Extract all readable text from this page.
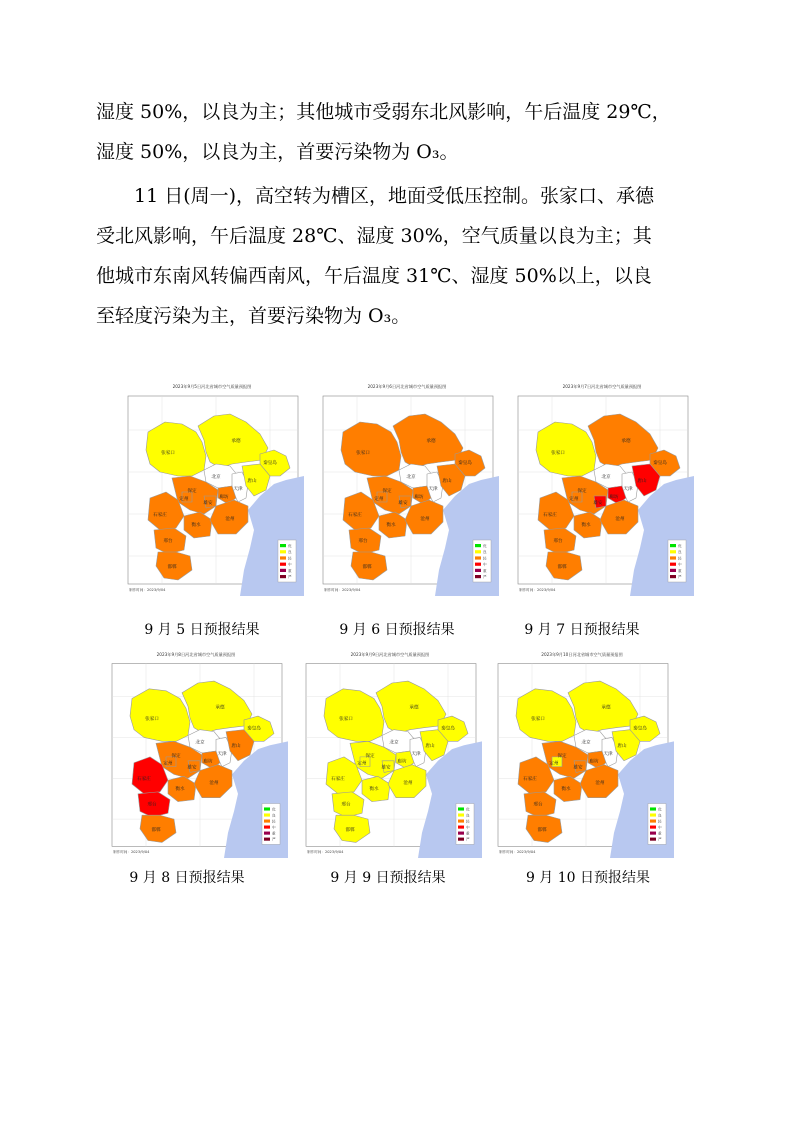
湿度 50%，以良为主；其他城市受弱东北风影响，午后温度 29℃，
湿度 50%，以良为主，首要污染物为 O₃。

11 日(周一)，高空转为槽区，地面受低压控制。张家口、承德
受北风影响，午后温度 28℃、湿度 30%，空气质量以良为主；其
他城市东南风转偏西南风，午后温度 31℃、湿度 50%以上，以良
至轻度污染为主，首要污染物为 O₃。

2023年9月5日河北省城市空气质量预报图
张家口
承德
秦皇岛
北京
天津
唐山
廊坊
保定
雄安
定州
石家庄
衡水
沧州
邢台
邯郸
优
良
轻
中
重
严
制作时间：2023/9/04
2023年9月6日河北省城市空气质量预报图
张家口
承德
秦皇岛
北京
天津
唐山
廊坊
保定
雄安
定州
石家庄
衡水
沧州
邢台
邯郸
优
良
轻
中
重
严
制作时间：2023/9/04
2023年9月7日河北省城市空气质量预报图
张家口
承德
秦皇岛
北京
天津
唐山
廊坊
保定
雄安
定州
石家庄
衡水
沧州
邢台
邯郸
优
良
轻
中
重
严
制作时间：2023/9/04
2023年9月8日河北省城市空气质量预报图
张家口
承德
秦皇岛
北京
天津
唐山
廊坊
保定
雄安
定州
石家庄
衡水
沧州
邢台
邯郸
优
良
轻
中
重
严
制作时间：2023/9/04
2023年9月9日河北省城市空气质量预报图
张家口
承德
秦皇岛
北京
天津
唐山
廊坊
保定
雄安
定州
石家庄
衡水
沧州
邢台
邯郸
优
良
轻
中
重
严
制作时间：2023/9/04
2023年9月10日河北省城市空气质量预报图
张家口
承德
秦皇岛
北京
天津
唐山
廊坊
保定
雄安
定州
石家庄
衡水
沧州
邢台
邯郸
优
良
轻
中
重
严
制作时间：2023/9/04
9 月 5 日预报结果	9 月 6 日预报结果	9 月 7 日预报结果
9 月 8 日预报结果	9 月 9 日预报结果	9 月 10 日预报结果
